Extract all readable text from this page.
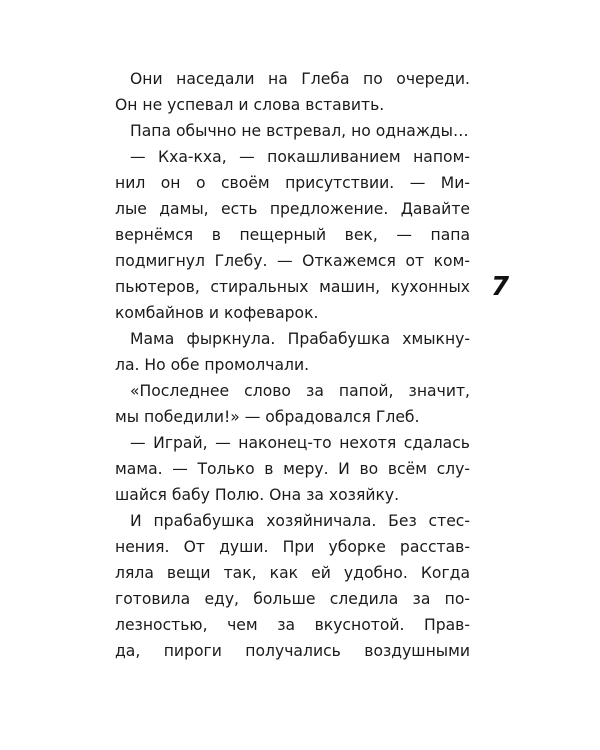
Они наседали на Глеба по очереди.
Он не успевал и слова вставить.
Папа обычно не встревал, но однажды…
— Кха-кха, — покашливанием напом-
нил он о своём присутствии. — Ми-
лые дамы, есть предложение. Давайте
вернёмся в пещерный век, — папа
подмигнул Глебу. — Откажемся от ком-
пьютеров, стиральных машин, кухонных
комбайнов и кофеварок.
Мама фыркнула. Прабабушка хмыкну-
ла. Но обе промолчали.
«Последнее слово за папой, значит,
мы победили!» — обрадовался Глеб.
— Играй, — наконец-то нехотя сдалась
мама. — Только в меру. И во всём слу-
шайся бабу Полю. Она за хозяйку.
И прабабушка хозяйничала. Без стес-
нения. От души. При уборке расстав-
ляла вещи так, как ей удобно. Когда
готовила еду, больше следила за по-
лезностью, чем за вкуснотой. Прав-
да, пироги получались воздушными
7
